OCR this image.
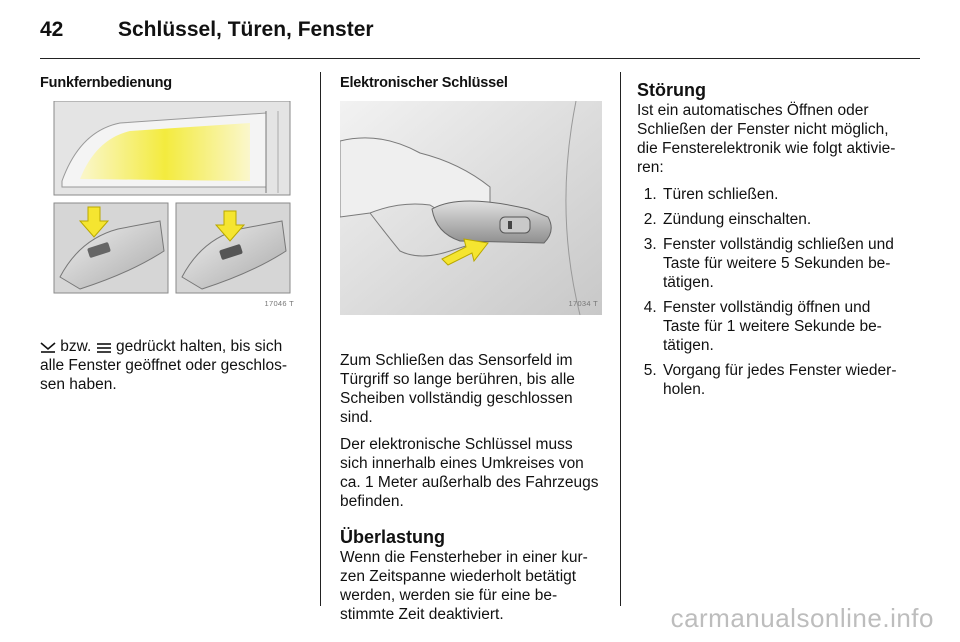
42	Schlüssel, Türen, Fenster
Funkfernbedienung
17046 T

bzw.  gedrückt halten, bis sich alle Fenster geöffnet oder geschlos-sen haben.

Elektronischer Schlüssel
17034 T

Zum Schließen das Sensorfeld im Türgriff so lange berühren, bis alle Scheiben vollständig geschlossen sind.

Der elektronische Schlüssel muss sich innerhalb eines Umkreises von ca. 1 Meter außerhalb des Fahrzeugs befinden.

Überlastung

Wenn die Fensterheber in einer kur-zen Zeitspanne wiederholt betätigt werden, werden sie für eine be-stimmte Zeit deaktiviert.

Störung

Ist ein automatisches Öffnen oder Schließen der Fenster nicht möglich, die Fensterelektronik wie folgt aktivie-ren:

1. Türen schließen.
2. Zündung einschalten.
3. Fenster vollständig schließen und Taste für weitere 5 Sekunden be-tätigen.
4. Fenster vollständig öffnen und Taste für 1 weitere Sekunde be-tätigen.
5. Vorgang für jedes Fenster wieder-holen.
carmanualsonline.info
